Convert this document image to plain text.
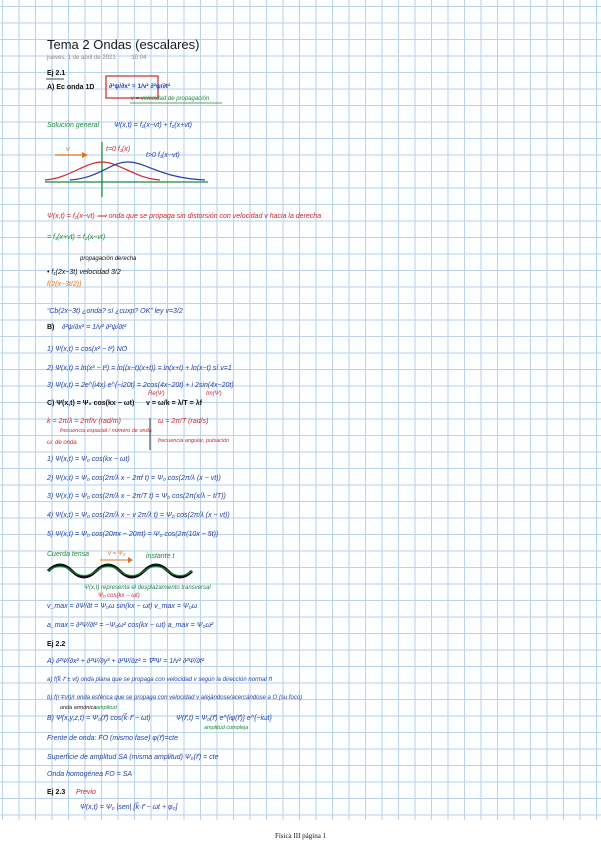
Tema 2 Ondas (escalares)
jueves, 1 de abril de 2021	10:04
Ej 2.1
A) Ec onda 1D ∂²ψ/∂x² = 1/v² ∂²ψ/∂t²
v = velocidad de propagación
Solución general Ψ(x,t) = f₁(x−vt) + f₂(x+vt)
t=0 f₁(x)
t>0 f₁(x−vt)
v
Ψ(x,t) = f₁(x−vt) ⟹ onda que se propaga sin distorsión con velocidad v hacia la derecha
= f₁(x+vt) = f₂(x−vt)
propagación derecha
• f₁(2x−3t) velocidad 3/2
f(2(x−3t/2))
“Cb(2x−3t) ¿onda? sí ¿cuxp? OK” ley v=3/2
B) ∂²ψ/∂x² = 1/v² ∂²ψ/∂t²
1) Ψ(x,t) = cos(x² − t²) NO
2) Ψ(x,t) = ln(x² − t²) = ln((x−t)(x+t)) = ln(x+t) + ln(x−t) sí v=1
3) Ψ(x,t) = 2e^{i4x} e^{−i20t} = 2cos(4x−20t) + i 2sin(4x−20t)
Re(Ψ)	Im(Ψ)
C) Ψ(x,t) = Ψ₀ cos(kx − ωt) v = ω/k = λ/T = λf
k = 2π/λ = 2πf/v (rad/m)
frecuencia espacial / número de onda
ω = 2π/T (rad/s)
frecuencia angular, pulsación
ω: de onda
1) Ψ(x,t) = Ψ₀ cos(kx − ωt)
2) Ψ(x,t) = Ψ₀ cos(2π/λ x − 2πf t) = Ψ₀ cos(2π/λ (x − vt))
3) Ψ(x,t) = Ψ₀ cos(2π/λ x − 2π/T t) = Ψ₀ cos(2π(x/λ − t/T))
4) Ψ(x,t) = Ψ₀ cos(2π/λ x − v 2π/λ t) = Ψ₀ cos(2π/λ (x − vt))
5) Ψ(x,t) = Ψ₀ cos(20πx − 20πt) = Ψ₀ cos(2π(10x − 5t))
Cuerda tensa	v = Ψ₀	instante t
Ψ(x,t) representa el desplazamiento transversal
Ψ₀ cos(kx − ωt)
v_max = ∂Ψ/∂t = Ψ₀ω sin(kx − ωt) v_max = Ψ₀ω
a_max = ∂²Ψ/∂t² = −Ψ₀ω² cos(kx − ωt) a_max = Ψ₀ω²
Ej 2.2
A) ∂²Ψ/∂x² + ∂²Ψ/∂y² + ∂²Ψ/∂z² = ∇²Ψ = 1/v² ∂²Ψ/∂t²
a) f(k⃗·r⃗ ± vt) onda plana que se propaga con velocidad v según la dirección normal n⃗
b) f(r∓vt)/r onda esférica que se propaga con velocidad v alejándose/acercándose a O (su foco)
onda armónica
B) Ψ(x,y,z,t) = Ψ₀(r⃗) cos(k⃗·r⃗ − ωt)
amplitud
Ψ(r⃗,t) = Ψ₀(r⃗) e^{iφ(r⃗)} e^{−iωt}
amplitud compleja
Frente de onda: FO (mismo fase) φ(r⃗)=cte
Superficie de amplitud SA (misma amplitud) Ψ₀(r⃗) = cte
Onda homogénea FO = SA
Ej 2.3 Previo
Ψ(x,t) = Ψ₀ |sen| [k⃗·r⃗ − ωt + φ₀]
Física III página 1
